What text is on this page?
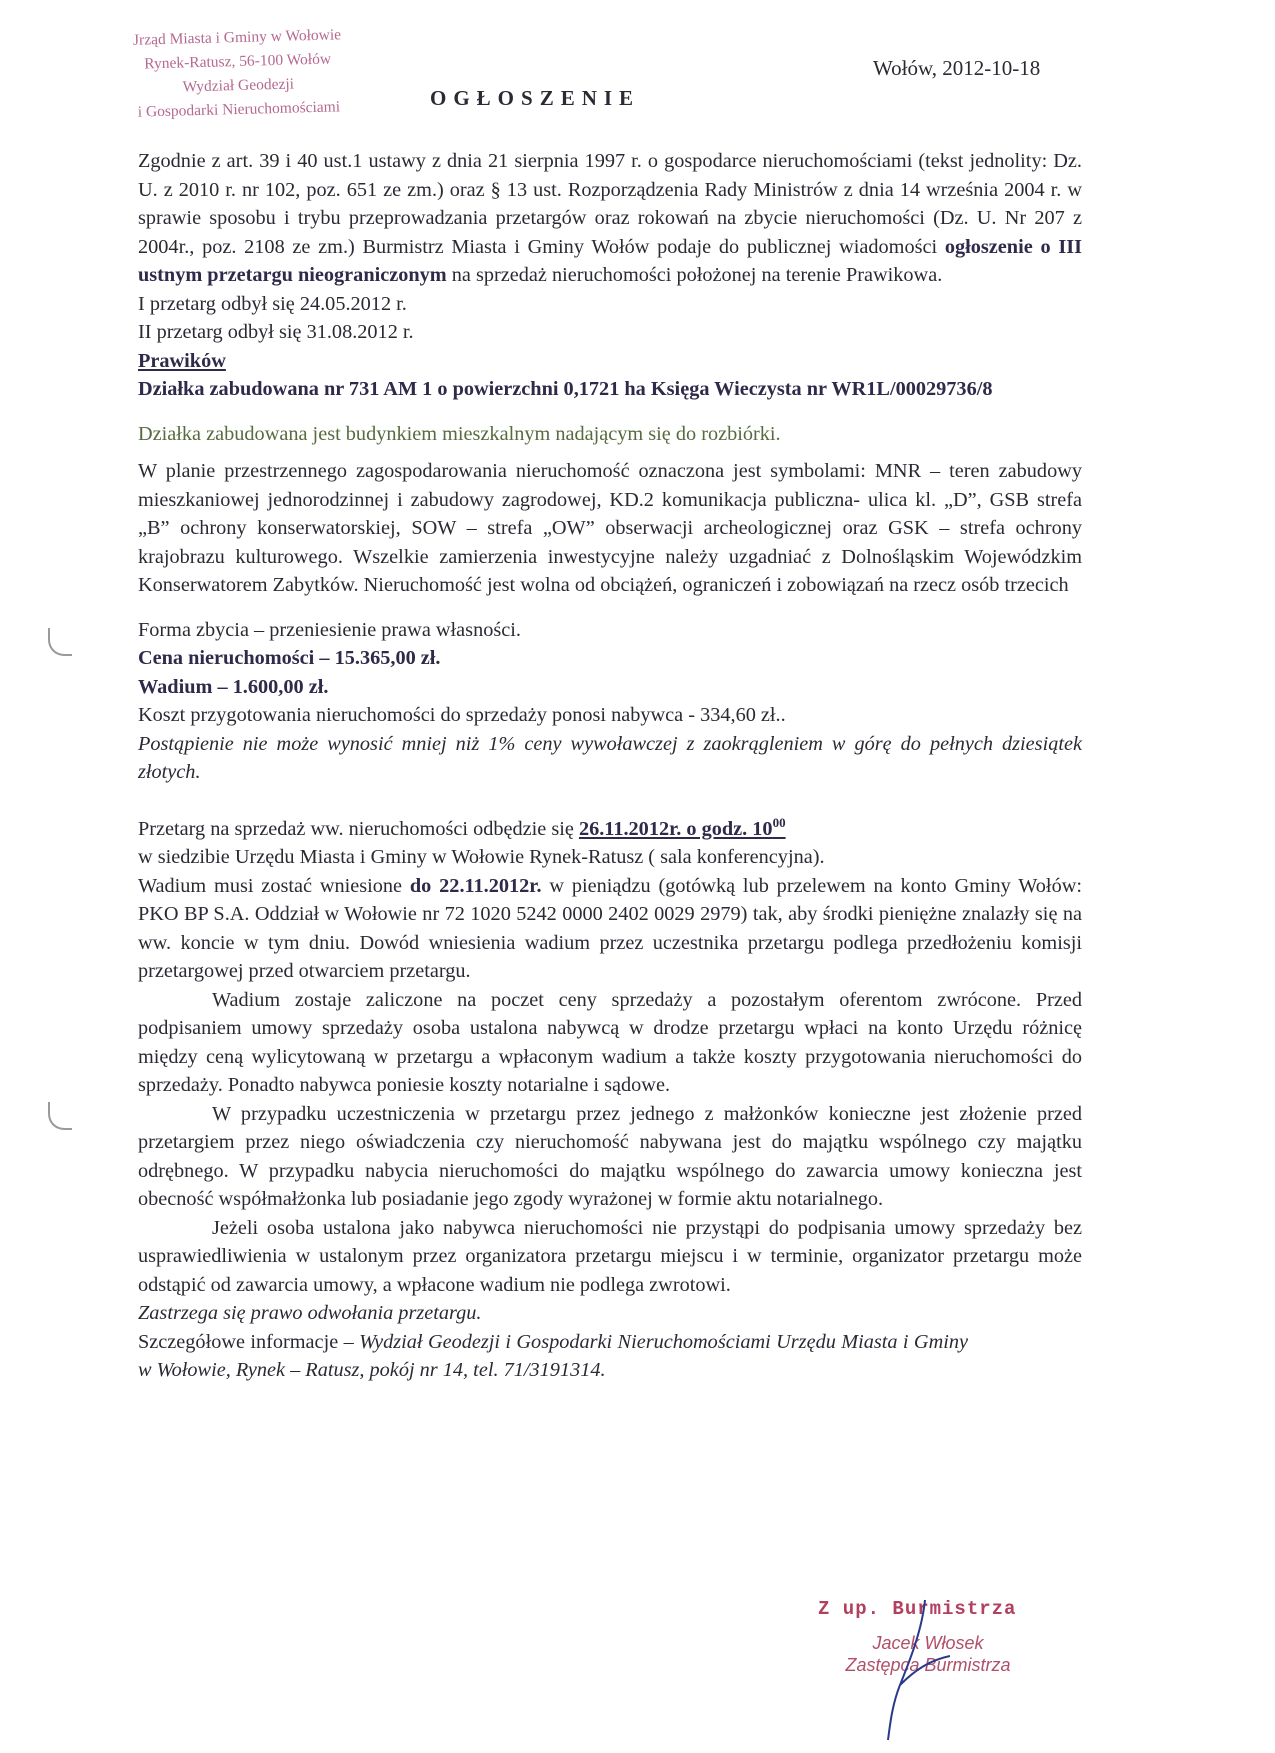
Jrząd Miasta i Gminy w Wołowie
Rynek-Ratusz, 56-100 Wołów
Wydział Geodezji
i Gospodarki Nieruchomościami
Wołów, 2012-10-18
OGŁOSZENIE

Zgodnie z art. 39 i 40 ust.1 ustawy z dnia 21 sierpnia 1997 r. o gospodarce nieruchomościami (tekst jednolity: Dz. U. z 2010 r. nr 102, poz. 651 ze zm.) oraz § 13 ust. Rozporządzenia Rady Ministrów z dnia 14 września 2004 r. w sprawie sposobu i trybu przeprowadzania przetargów oraz rokowań na zbycie nieruchomości (Dz. U. Nr 207 z 2004r., poz. 2108 ze zm.) Burmistrz Miasta i Gminy Wołów podaje do publicznej wiadomości ogłoszenie o III ustnym przetargu nieograniczonym na sprzedaż nieruchomości położonej na terenie Prawikowa.

I przetarg odbył się 24.05.2012 r.

II przetarg odbył się 31.08.2012 r.

Prawików

Działka zabudowana nr 731 AM 1 o powierzchni 0,1721 ha Księga Wieczysta nr WR1L/00029736/8

Działka zabudowana jest budynkiem mieszkalnym nadającym się do rozbiórki.

W planie przestrzennego zagospodarowania nieruchomość oznaczona jest symbolami: MNR – teren zabudowy mieszkaniowej jednorodzinnej i zabudowy zagrodowej, KD.2 komunikacja publiczna- ulica kl. „D”, GSB strefa „B” ochrony konserwatorskiej, SOW – strefa „OW” obserwacji archeologicznej oraz GSK – strefa ochrony krajobrazu kulturowego. Wszelkie zamierzenia inwestycyjne należy uzgadniać z Dolnośląskim Wojewódzkim Konserwatorem Zabytków. Nieruchomość jest wolna od obciążeń, ograniczeń i zobowiązań na rzecz osób trzecich

Forma zbycia – przeniesienie prawa własności.

Cena nieruchomości – 15.365,00 zł.

Wadium – 1.600,00 zł.

Koszt przygotowania nieruchomości do sprzedaży ponosi nabywca - 334,60 zł..

Postąpienie nie może wynosić mniej niż 1% ceny wywoławczej z zaokrągleniem w górę do pełnych dziesiątek złotych.

Przetarg na sprzedaż ww. nieruchomości odbędzie się 26.11.2012r. o godz. $10^{00}$

w siedzibie Urzędu Miasta i Gminy w Wołowie Rynek-Ratusz ( sala konferencyjna).

Wadium musi zostać wniesione do 22.11.2012r. w pieniądzu (gotówką lub przelewem na konto Gminy Wołów: PKO BP S.A. Oddział w Wołowie nr 72 1020 5242 0000 2402 0029 2979) tak, aby środki pieniężne znalazły się na ww. koncie w tym dniu. Dowód wniesienia wadium przez uczestnika przetargu podlega przedłożeniu komisji przetargowej przed otwarciem przetargu.

Wadium zostaje zaliczone na poczet ceny sprzedaży a pozostałym oferentom zwrócone. Przed podpisaniem umowy sprzedaży osoba ustalona nabywcą w drodze przetargu wpłaci na konto Urzędu różnicę między ceną wylicytowaną w przetargu a wpłaconym wadium a także koszty przygotowania nieruchomości do sprzedaży. Ponadto nabywca poniesie koszty notarialne i sądowe.

W przypadku uczestniczenia w przetargu przez jednego z małżonków konieczne jest złożenie przed przetargiem przez niego oświadczenia czy nieruchomość nabywana jest do majątku wspólnego czy majątku odrębnego. W przypadku nabycia nieruchomości do majątku wspólnego do zawarcia umowy konieczna jest obecność współmałżonka lub posiadanie jego zgody wyrażonej w formie aktu notarialnego.

Jeżeli osoba ustalona jako nabywca nieruchomości nie przystąpi do podpisania umowy sprzedaży bez usprawiedliwienia w ustalonym przez organizatora przetargu miejscu i w terminie, organizator przetargu może odstąpić od zawarcia umowy, a wpłacone wadium nie podlega zwrotowi.

Zastrzega się prawo odwołania przetargu.

Szczegółowe informacje – Wydział Geodezji i Gospodarki Nieruchomościami Urzędu Miasta i Gminy w Wołowie, Rynek – Ratusz, pokój nr 14, tel. 71/3191314.

Z up. Burmistrza
Jacek Włosek
Zastępca Burmistrza
